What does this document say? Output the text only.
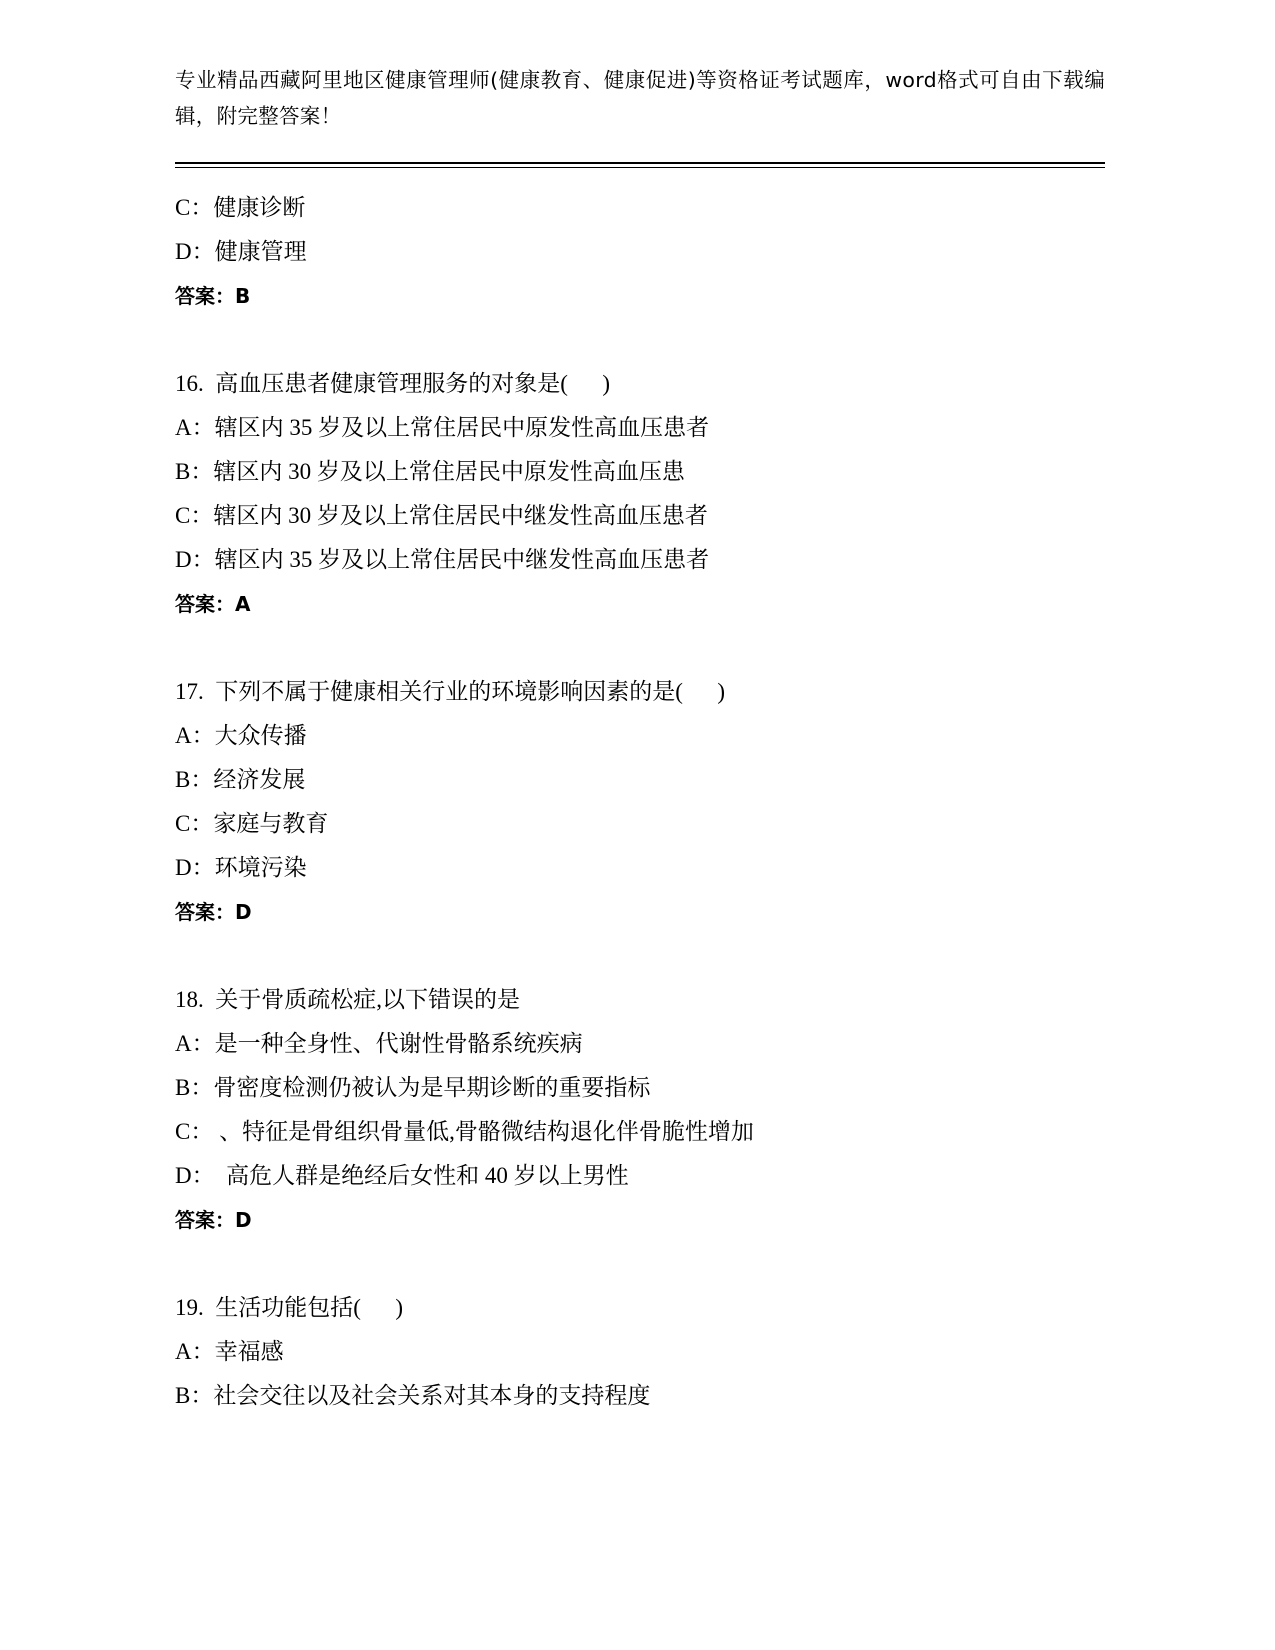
专业精品西藏阿里地区健康管理师(健康教育、健康促进)等资格证考试题库，word格式可自由下载编辑，附完整答案！
C：健康诊断
D：健康管理
答案：B
16.  高血压患者健康管理服务的对象是(      )
A：辖区内 35 岁及以上常住居民中原发性高血压患者
B：辖区内 30 岁及以上常住居民中原发性高血压患
C：辖区内 30 岁及以上常住居民中继发性高血压患者
D：辖区内 35 岁及以上常住居民中继发性高血压患者
答案：A
17.  下列不属于健康相关行业的环境影响因素的是(      )
A：大众传播
B：经济发展
C：家庭与教育
D：环境污染
答案：D
18.  关于骨质疏松症,以下错误的是
A：是一种全身性、代谢性骨骼系统疾病
B：骨密度检测仍被认为是早期诊断的重要指标
C： 、特征是骨组织骨量低,骨骼微结构退化伴骨脆性增加
D：  高危人群是绝经后女性和 40 岁以上男性
答案：D
19.  生活功能包括(      )
A：幸福感
B：社会交往以及社会关系对其本身的支持程度
